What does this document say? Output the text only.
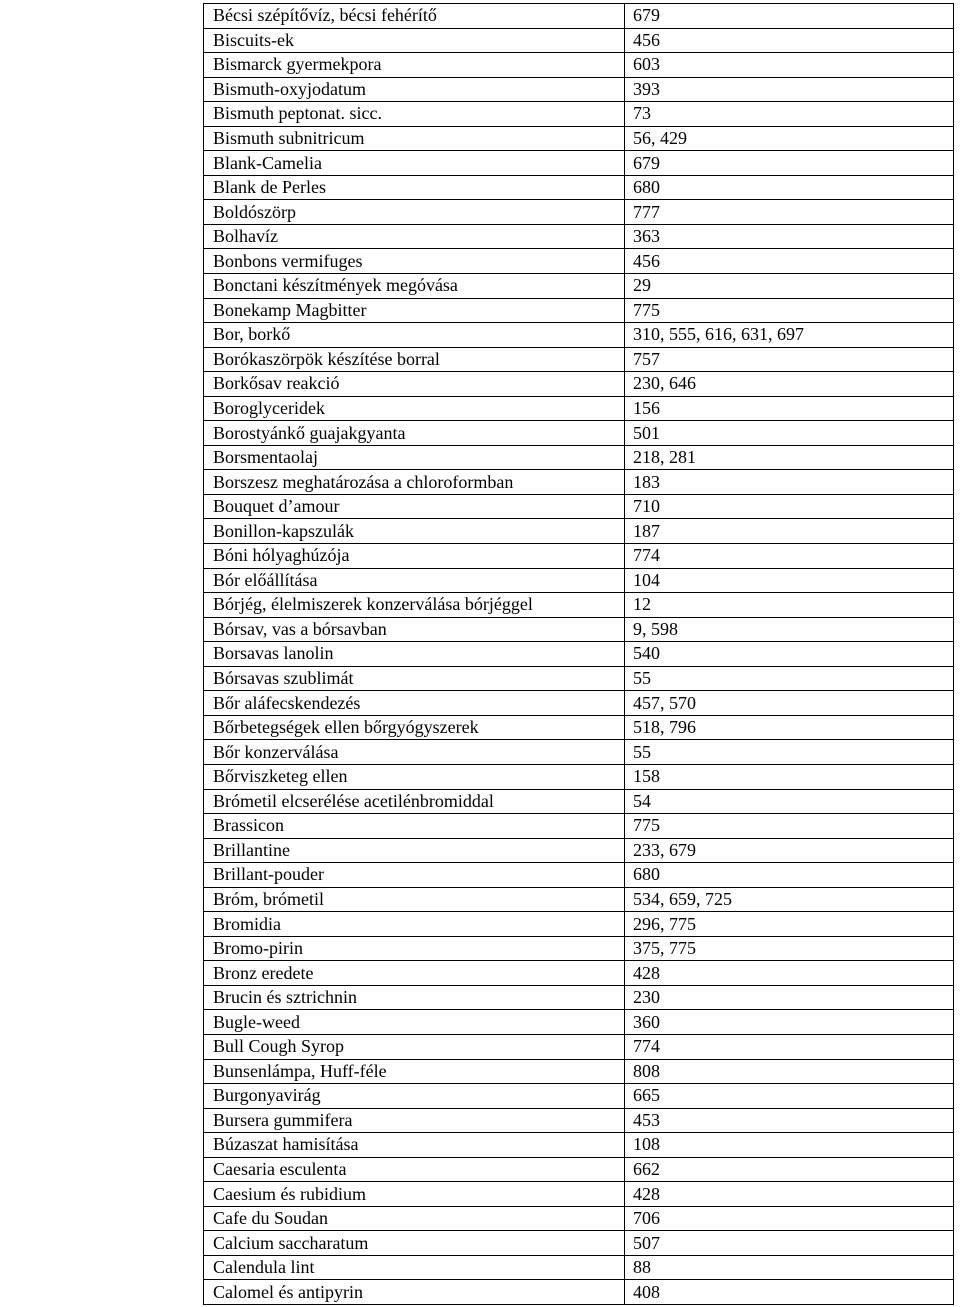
Bécsi szépítővíz, bécsi fehérítő	679
Biscuits-ek	456
Bismarck gyermekpora	603
Bismuth-oxyjodatum	393
Bismuth peptonat. sicc.	73
Bismuth subnitricum	56, 429
Blank-Camelia	679
Blank de Perles	680
Boldószörp	777
Bolhavíz	363
Bonbons vermifuges	456
Bonctani készítmények megóvása	29
Bonekamp Magbitter	775
Bor, borkő	310, 555, 616, 631, 697
Borókaszörpök készítése borral	757
Borkősav reakció	230, 646
Boroglyceridek	156
Borostyánkő guajakgyanta	501
Borsmentaolaj	218, 281
Borszesz meghatározása a chloroformban	183
Bouquet d’amour	710
Bonillon-kapszulák	187
Bóni hólyaghúzója	774
Bór előállítása	104
Bórjég, élelmiszerek konzerválása bórjéggel	12
Bórsav, vas a bórsavban	9, 598
Borsavas lanolin	540
Bórsavas szublimát	55
Bőr aláfecskendezés	457, 570
Bőrbetegségek ellen bőrgyógyszerek	518, 796
Bőr konzerválása	55
Bőrviszketeg ellen	158
Brómetil elcserélése acetilénbromiddal	54
Brassicon	775
Brillantine	233, 679
Brillant-pouder	680
Bróm, brómetil	534, 659, 725
Bromidia	296, 775
Bromo-pirin	375, 775
Bronz eredete	428
Brucin és sztrichnin	230
Bugle-weed	360
Bull Cough Syrop	774
Bunsenlámpa, Huff-féle	808
Burgonyavirág	665
Bursera gummifera	453
Búzaszat hamisítása	108
Caesaria esculenta	662
Caesium és rubidium	428
Cafe du Soudan	706
Calcium saccharatum	507
Calendula lint	88
Calomel és antipyrin	408
